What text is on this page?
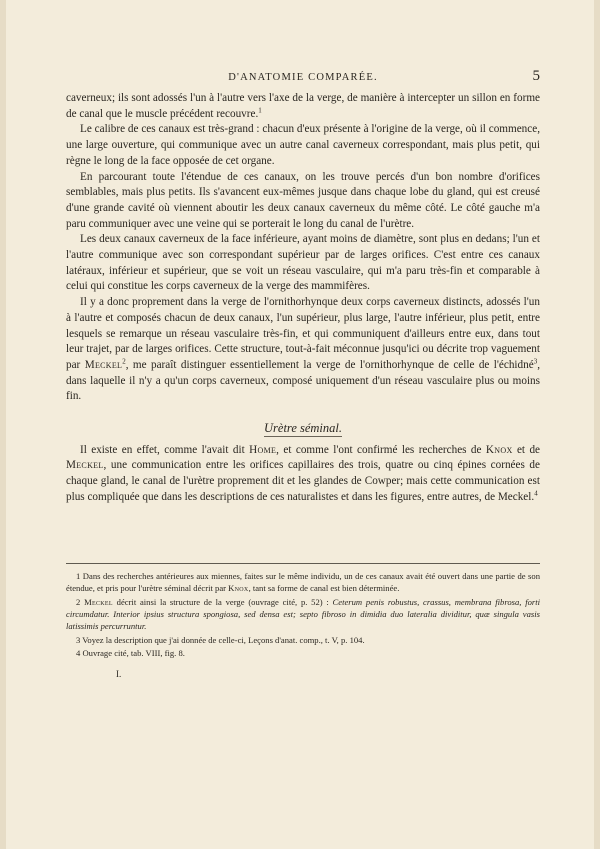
D'ANATOMIE COMPARÉE.	5

caverneux; ils sont adossés l'un à l'autre vers l'axe de la verge, de manière à intercepter un sillon en forme de canal que le muscle précédent recouvre.$^1$

Le calibre de ces canaux est très-grand : chacun d'eux présente à l'origine de la verge, où il commence, une large ouverture, qui communique avec un autre canal caverneux correspondant, mais plus petit, qui règne le long de la face opposée de cet organe.

En parcourant toute l'étendue de ces canaux, on les trouve percés d'un bon nombre d'orifices semblables, mais plus petits. Ils s'avancent eux-mêmes jusque dans chaque lobe du gland, qui est creusé d'une grande cavité où viennent aboutir les deux canaux caverneux du même côté. Le côté gauche m'a paru communiquer avec une veine qui se porterait le long du canal de l'urètre.

Les deux canaux caverneux de la face inférieure, ayant moins de diamètre, sont plus en dedans; l'un et l'autre communique avec son correspondant supérieur par de larges orifices. C'est entre ces canaux latéraux, inférieur et supérieur, que se voit un réseau vasculaire, qui m'a paru très-fin et comparable à celui qui constitue les corps caverneux de la verge des mammifères.

Il y a donc proprement dans la verge de l'ornithorhynque deux corps caverneux distincts, adossés l'un à l'autre et composés chacun de deux canaux, l'un supérieur, plus large, l'autre inférieur, plus petit, entre lesquels se remarque un réseau vasculaire très-fin, et qui communiquent d'ailleurs entre eux, dans tout leur trajet, par de larges orifices. Cette structure, tout-à-fait méconnue jusqu'ici ou décrite trop vaguement par Meckel$^2$, me paraît distinguer essentiellement la verge de l'ornithorhynque de celle de l'échidné$^3$, dans laquelle il n'y a qu'un corps caverneux, composé uniquement d'un réseau vasculaire plus ou moins fin.

Urètre séminal.

Il existe en effet, comme l'avait dit Home, et comme l'ont confirmé les recherches de Knox et de Meckel, une communication entre les orifices capillaires des trois, quatre ou cinq épines cornées de chaque gland, le canal de l'urètre proprement dit et les glandes de Cowper; mais cette communication est plus compliquée que dans les descriptions de ces naturalistes et dans les figures, entre autres, de Meckel.$^4$

1 Dans des recherches antérieures aux miennes, faites sur le même individu, un de ces canaux avait été ouvert dans une partie de son étendue, et pris pour l'urètre séminal décrit par Knox, tant sa forme de canal est bien déterminée.

2 Meckel décrit ainsi la structure de la verge (ouvrage cité, p. 52) : Ceterum penis robustus, crassus, membrana fibrosa, forti circumdatur. Interior ipsius structura spongiosa, sed densa est; septo fibroso in dimidia duo lateralia dividitur, quæ singula vasis latissimis percurruntur.

3 Voyez la description que j'ai donnée de celle-ci, Leçons d'anat. comp., t. V, p. 104.

4 Ouvrage cité, tab. VIII, fig. 8.

I.
